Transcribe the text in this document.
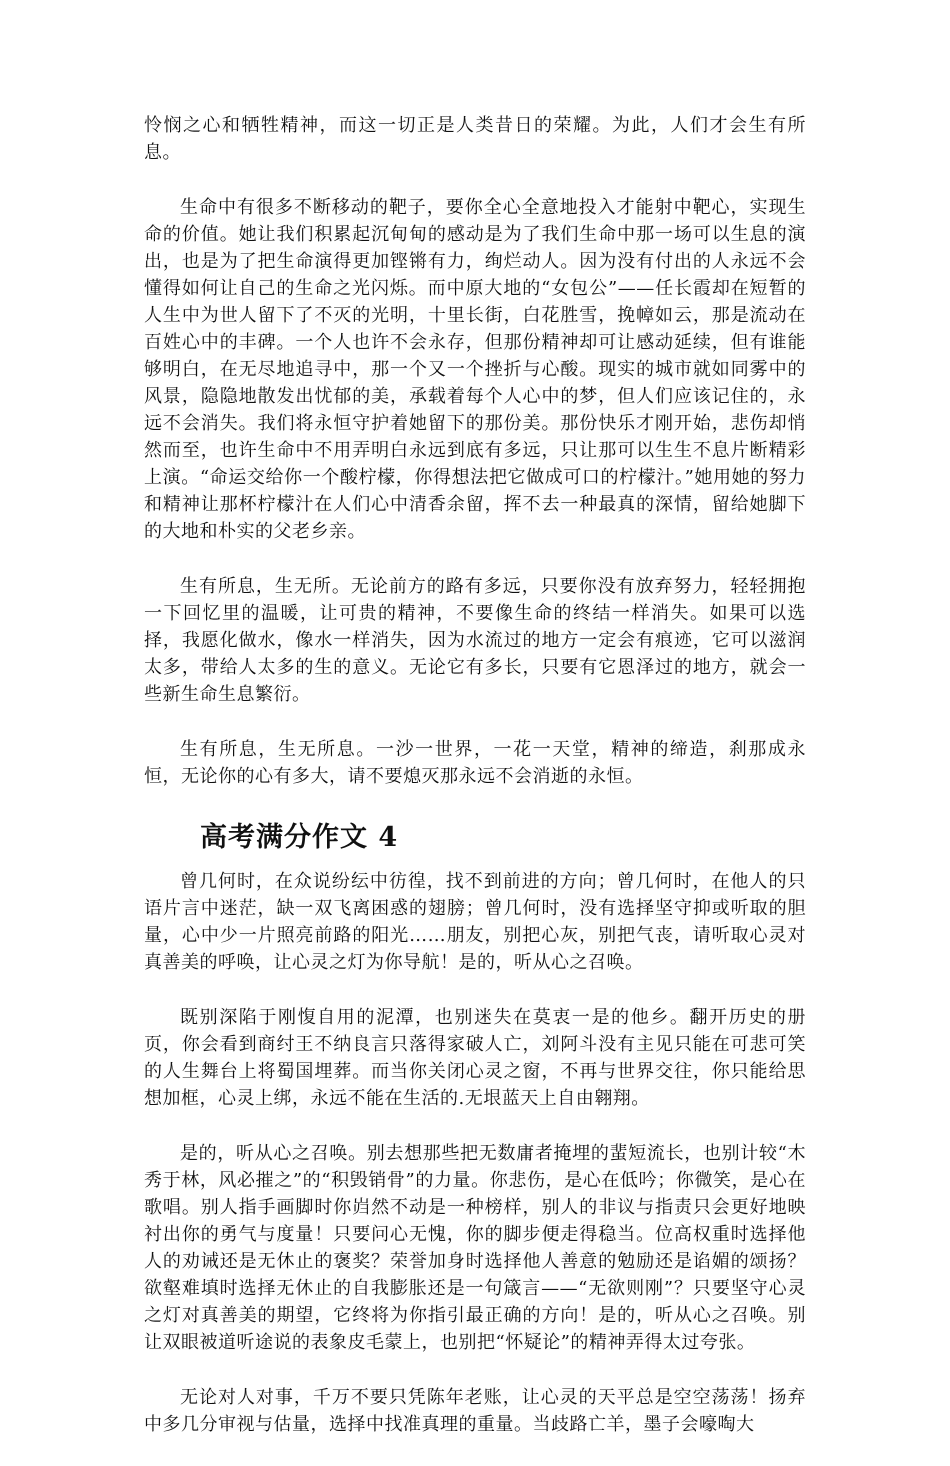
怜悯之心和牺牲精神，而这一切正是人类昔日的荣耀。为此，人们才会生有所息。

生命中有很多不断移动的靶子，要你全心全意地投入才能射中靶心，实现生命的价值。她让我们积累起沉甸甸的感动是为了我们生命中那一场可以生息的演出，也是为了把生命演得更加铿锵有力，绚烂动人。因为没有付出的人永远不会懂得如何让自己的生命之光闪烁。而中原大地的“女包公”——任长霞却在短暂的人生中为世人留下了不灭的光明，十里长街，白花胜雪，挽幛如云，那是流动在百姓心中的丰碑。一个人也许不会永存，但那份精神却可让感动延续，但有谁能够明白，在无尽地追寻中，那一个又一个挫折与心酸。现实的城市就如同雾中的风景，隐隐地散发出忧郁的美，承载着每个人心中的梦，但人们应该记住的，永远不会消失。我们将永恒守护着她留下的那份美。那份快乐才刚开始，悲伤却悄然而至，也许生命中不用弄明白永远到底有多远，只让那可以生生不息片断精彩上演。“命运交给你一个酸柠檬，你得想法把它做成可口的柠檬汁。”她用她的努力和精神让那杯柠檬汁在人们心中清香余留，挥不去一种最真的深情，留给她脚下的大地和朴实的父老乡亲。

生有所息，生无所。无论前方的路有多远，只要你没有放弃努力，轻轻拥抱一下回忆里的温暖，让可贵的精神，不要像生命的终结一样消失。如果可以选择，我愿化做水，像水一样消失，因为水流过的地方一定会有痕迹，它可以滋润太多，带给人太多的生的意义。无论它有多长，只要有它恩泽过的地方，就会一些新生命生息繁衍。

生有所息，生无所息。一沙一世界，一花一天堂，精神的缔造，刹那成永恒，无论你的心有多大，请不要熄灭那永远不会消逝的永恒。

高考满分作文 4

曾几何时，在众说纷纭中彷徨，找不到前进的方向；曾几何时，在他人的只语片言中迷茫，缺一双飞离困惑的翅膀；曾几何时，没有选择坚守抑或听取的胆量，心中少一片照亮前路的阳光……朋友，别把心灰，别把气丧，请听取心灵对真善美的呼唤，让心灵之灯为你导航！是的，听从心之召唤。

既别深陷于刚愎自用的泥潭，也别迷失在莫衷一是的他乡。翻开历史的册页，你会看到商纣王不纳良言只落得家破人亡，刘阿斗没有主见只能在可悲可笑的人生舞台上将蜀国埋葬。而当你关闭心灵之窗，不再与世界交往，你只能给思想加框，心灵上绑，永远不能在生活的.无垠蓝天上自由翱翔。

是的，听从心之召唤。别去想那些把无数庸者掩埋的蜚短流长，也别计较“木秀于林，风必摧之”的“积毁销骨”的力量。你悲伤，是心在低吟；你微笑，是心在歌唱。别人指手画脚时你岿然不动是一种榜样，别人的非议与指责只会更好地映衬出你的勇气与度量！只要问心无愧，你的脚步便走得稳当。位高权重时选择他人的劝诫还是无休止的褒奖？荣誉加身时选择他人善意的勉励还是谄媚的颂扬？欲壑难填时选择无休止的自我膨胀还是一句箴言——“无欲则刚”？只要坚守心灵之灯对真善美的期望，它终将为你指引最正确的方向！是的，听从心之召唤。别让双眼被道听途说的表象皮毛蒙上，也别把“怀疑论”的精神弄得太过夸张。

无论对人对事，千万不要只凭陈年老账，让心灵的天平总是空空荡荡！扬弃中多几分审视与估量，选择中找准真理的重量。当歧路亡羊，墨子会嚎啕大
